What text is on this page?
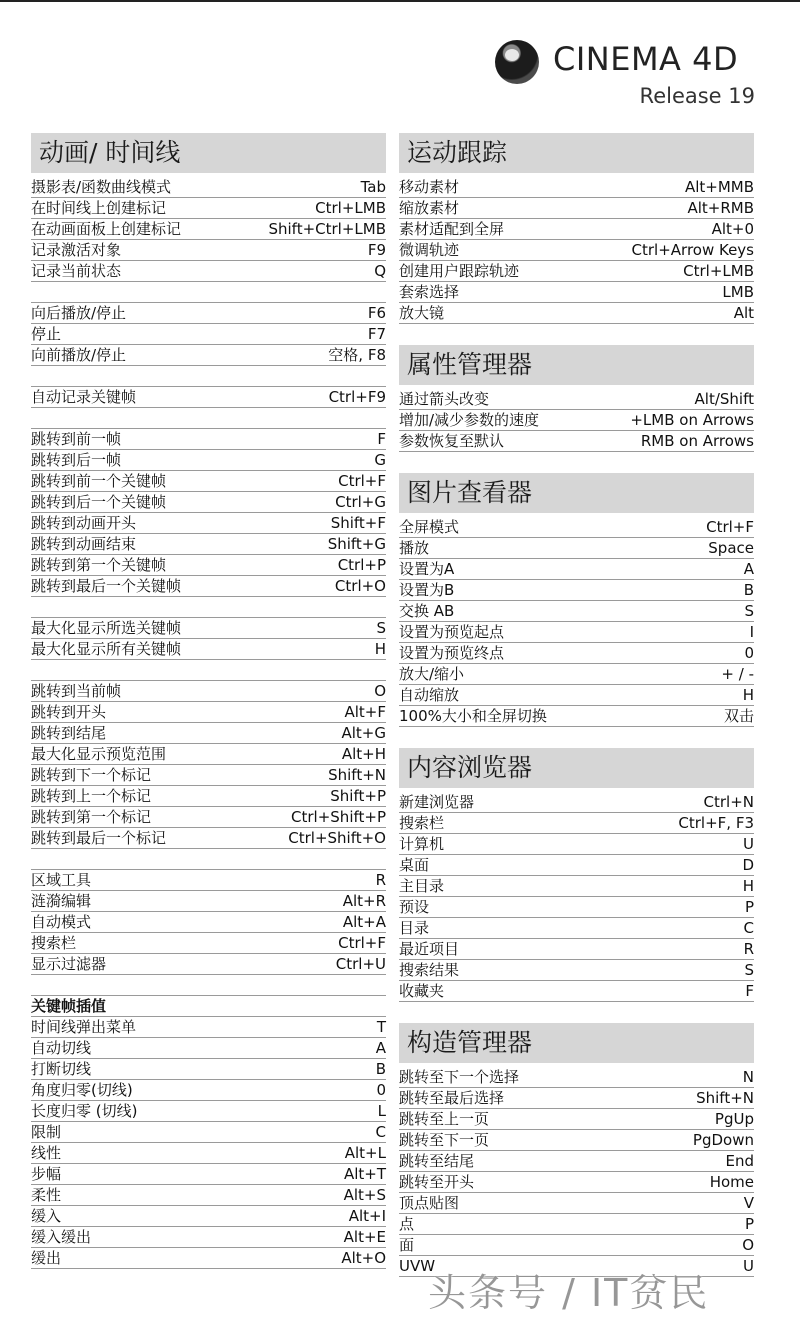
CINEMA 4D
Release 19
动画/ 时间线
摄影表/函数曲线模式	Tab
在时间线上创建标记	Ctrl+LMB
在动画面板上创建标记	Shift+Ctrl+LMB
记录激活对象	F9
记录当前状态	Q
向后播放/停止	F6
停止	F7
向前播放/停止	空格, F8
自动记录关键帧	Ctrl+F9
跳转到前一帧	F
跳转到后一帧	G
跳转到前一个关键帧	Ctrl+F
跳转到后一个关键帧	Ctrl+G
跳转到动画开头	Shift+F
跳转到动画结束	Shift+G
跳转到第一个关键帧	Ctrl+P
跳转到最后一个关键帧	Ctrl+O
最大化显示所选关键帧	S
最大化显示所有关键帧	H
跳转到当前帧	O
跳转到开头	Alt+F
跳转到结尾	Alt+G
最大化显示预览范围	Alt+H
跳转到下一个标记	Shift+N
跳转到上一个标记	Shift+P
跳转到第一个标记	Ctrl+Shift+P
跳转到最后一个标记	Ctrl+Shift+O
区域工具	R
涟漪编辑	Alt+R
自动模式	Alt+A
搜索栏	Ctrl+F
显示过滤器	Ctrl+U
关键帧插值
时间线弹出菜单	T
自动切线	A
打断切线	B
角度归零(切线)	0
长度归零 (切线)	L
限制	C
线性	Alt+L
步幅	Alt+T
柔性	Alt+S
缓入	Alt+I
缓入缓出	Alt+E
缓出	Alt+O
运动跟踪
移动素材	Alt+MMB
缩放素材	Alt+RMB
素材适配到全屏	Alt+0
微调轨迹	Ctrl+Arrow Keys
创建用户跟踪轨迹	Ctrl+LMB
套索选择	LMB
放大镜	Alt
属性管理器
通过箭头改变	Alt/Shift
增加/减少参数的速度	+LMB on Arrows
参数恢复至默认	RMB on Arrows
图片查看器
全屏模式	Ctrl+F
播放	Space
设置为A	A
设置为B	B
交换 AB	S
设置为预览起点	I
设置为预览终点	0
放大/缩小	+ / -
自动缩放	H
100%大小和全屏切换	双击
内容浏览器
新建浏览器	Ctrl+N
搜索栏	Ctrl+F, F3
计算机	U
桌面	D
主目录	H
预设	P
目录	C
最近项目	R
搜索结果	S
收藏夹	F
构造管理器
跳转至下一个选择	N
跳转至最后选择	Shift+N
跳转至上一页	PgUp
跳转至下一页	PgDown
跳转至结尾	End
跳转至开头	Home
顶点贴图	V
点	P
面	O
UVW	U
头条号 / IT贫民
